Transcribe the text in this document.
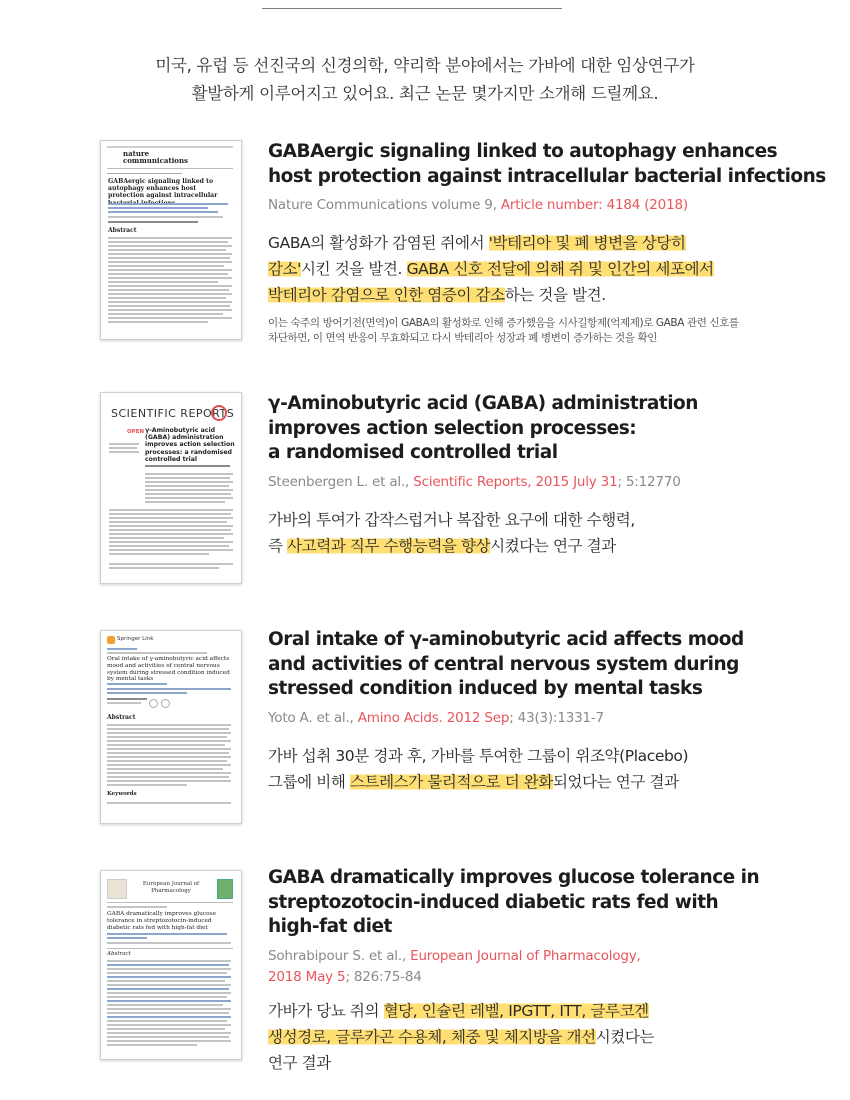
미국, 유럽 등 선진국의 신경의학, 약리학 분야에서는 가바에 대한 임상연구가
활발하게 이루어지고 있어요. 최근 논문 몇가지만 소개해 드릴께요.
nature communications
GABAergic signaling linked to autophagy enhances host protection against intracellular
Abstract
GABAergic signaling linked to autophagy enhances
host protection against intracellular bacterial infections
Nature Communications volume 9, Article number: 4184 (2018)
GABA의 활성화가 감염된 쥐에서 '박테리아 및 폐 병변을 상당히
감소'시킨 것을 발견. GABA 신호 전달에 의해 쥐 및 인간의 세포에서
박테리아 감염으로 인한 염증이 감소하는 것을 발견.
이는 숙주의 방어기전(면역)이 GABA의 활성화로 인해 증가했음을 시사길항제(억제제)로 GABA 관련 신호를
차단하면, 이 면역 반응이 무효화되고 다시 박테리아 성장과 폐 병변이 증가하는 것을 확인
SCIENTIFIC REPORTS
OPEN γ-Aminobutyric acid (GABA) administration improves action selection processes: a randomised controlled trial
γ-Aminobutyric acid (GABA) administration
improves action selection processes:
a randomised controlled trial
Steenbergen L. et al., Scientific Reports, 2015 July 31; 5:12770
가바의 투여가 갑작스럽거나 복잡한 요구에 대한 수행력,
즉 사고력과 직무 수행능력을 향상시켰다는 연구 결과
Springer Link
Oral intake of γ-aminobutyric acid affects mood and activities of central nervous system during stressed condition induced by mental tasks
Abstract
Keywords
Oral intake of γ-aminobutyric acid affects mood
and activities of central nervous system during
stressed condition induced by mental tasks
Yoto A. et al., Amino Acids. 2012 Sep; 43(3):1331-7
가바 섭취 30분 경과 후, 가바를 투여한 그룹이 위조약(Placebo)
그룹에 비해 스트레스가 물리적으로 더 완화되었다는 연구 결과
European Journal of Pharmacology
GABA dramatically improves glucose tolerance in streptozotocin-induced diabetic rats fed with high-fat diet
Abstract
GABA dramatically improves glucose tolerance in
streptozotocin-induced diabetic rats fed with
high-fat diet
Sohrabipour S. et al., European Journal of Pharmacology,
2018 May 5; 826:75-84
가바가 당뇨 쥐의 혈당, 인슐린 레벨, IPGTT, ITT, 글루코겐
생성경로, 글루카곤 수용체, 체중 및 체지방을 개선시켰다는
연구 결과
